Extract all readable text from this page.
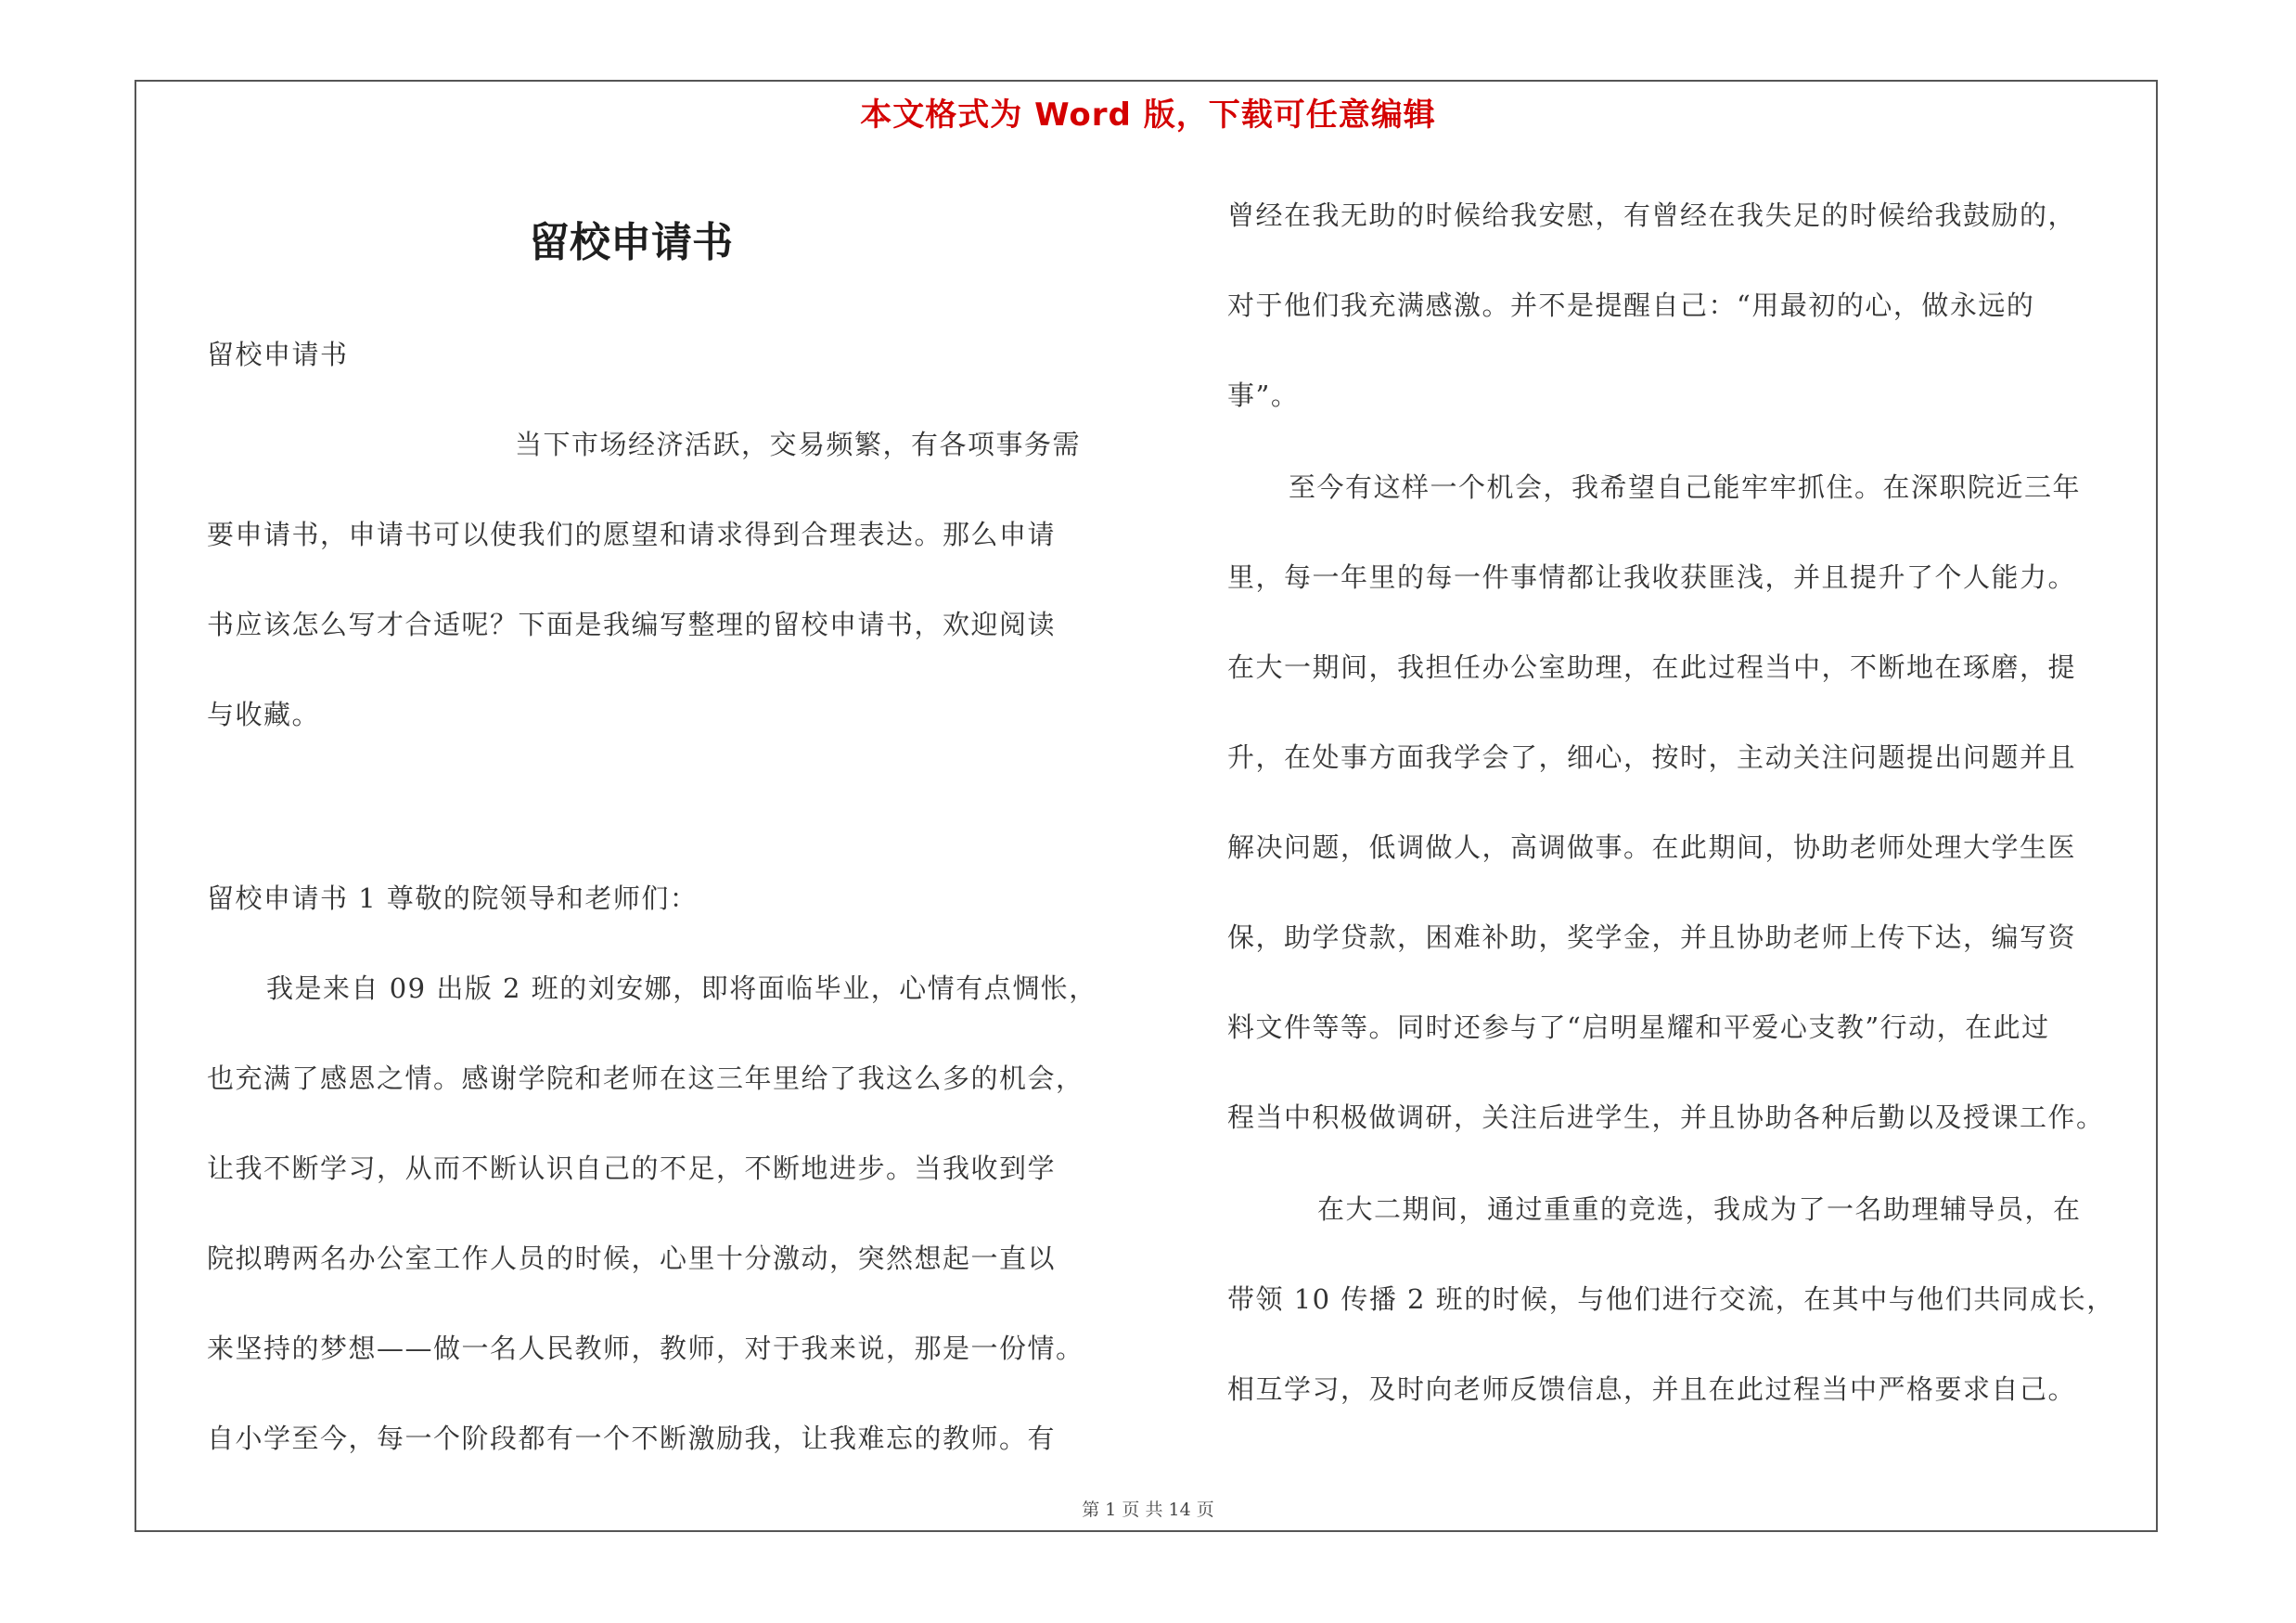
本文格式为 Word 版，下载可任意编辑
留校申请书
留校申请书
当下市场经济活跃，交易频繁，有各项事务需
要申请书，申请书可以使我们的愿望和请求得到合理表达。那么申请
书应该怎么写才合适呢？下面是我编写整理的留校申请书，欢迎阅读
与收藏。
留校申请书 1 尊敬的院领导和老师们：
我是来自 09 出版 2 班的刘安娜，即将面临毕业，心情有点惆怅，
也充满了感恩之情。感谢学院和老师在这三年里给了我这么多的机会，
让我不断学习，从而不断认识自己的不足，不断地进步。当我收到学
院拟聘两名办公室工作人员的时候，心里十分激动，突然想起一直以
来坚持的梦想——做一名人民教师，教师，对于我来说，那是一份情。
自小学至今，每一个阶段都有一个不断激励我，让我难忘的教师。有
曾经在我无助的时候给我安慰，有曾经在我失足的时候给我鼓励的，
对于他们我充满感激。并不是提醒自己：“用最初的心，做永远的
事”。
至今有这样一个机会，我希望自己能牢牢抓住。在深职院近三年
里，每一年里的每一件事情都让我收获匪浅，并且提升了个人能力。
在大一期间，我担任办公室助理，在此过程当中，不断地在琢磨，提
升，在处事方面我学会了，细心，按时，主动关注问题提出问题并且
解决问题，低调做人，高调做事。在此期间，协助老师处理大学生医
保，助学贷款，困难补助，奖学金，并且协助老师上传下达，编写资
料文件等等。同时还参与了“启明星耀和平爱心支教”行动，在此过
程当中积极做调研，关注后进学生，并且协助各种后勤以及授课工作。
在大二期间，通过重重的竞选，我成为了一名助理辅导员，在
带领 10 传播 2 班的时候，与他们进行交流，在其中与他们共同成长，
相互学习，及时向老师反馈信息，并且在此过程当中严格要求自己。
第 1 页 共 14 页
